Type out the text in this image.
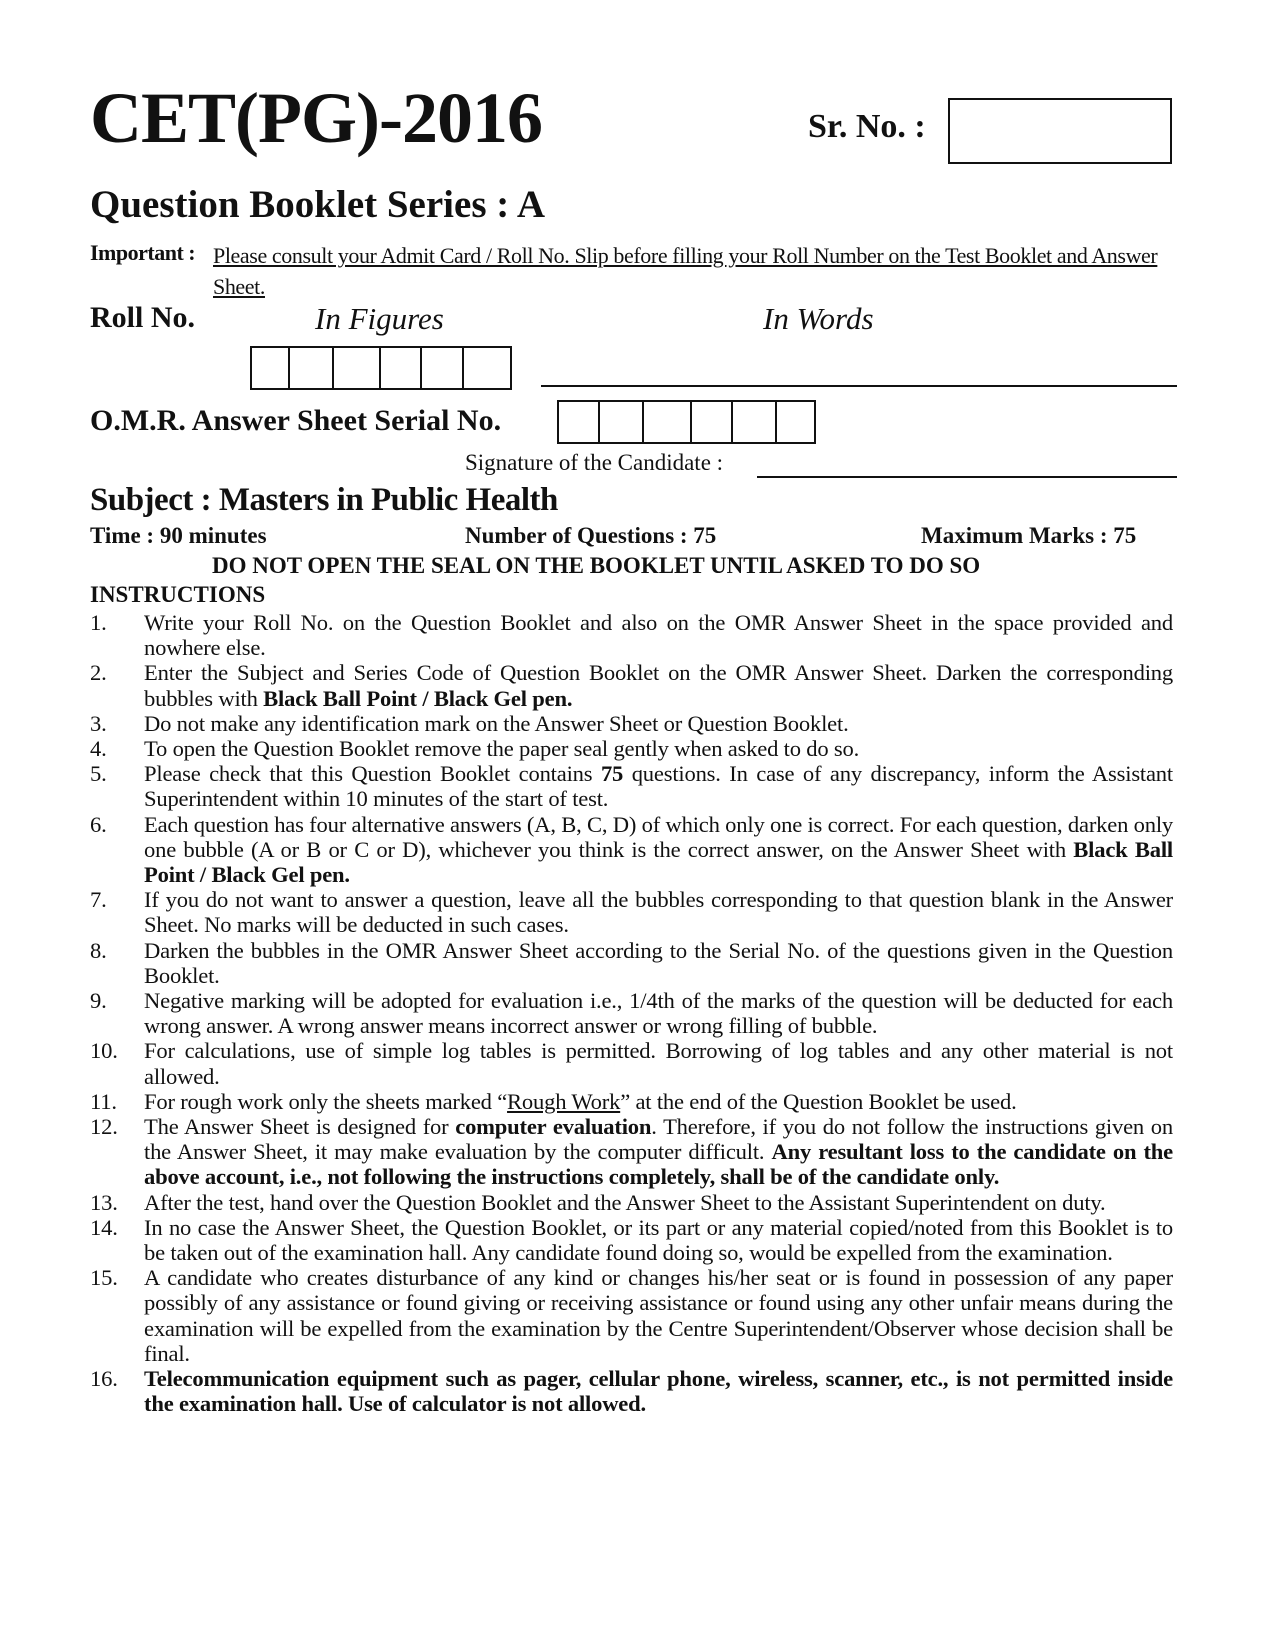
CET(PG)-2016	Sr. No. :
Question Booklet Series : A
Important : Please consult your Admit Card / Roll No. Slip before filling your Roll Number on the Test Booklet and Answer Sheet.
Roll No.	In Figures	In Words
O.M.R. Answer Sheet Serial No.
Signature of the Candidate :
Subject : Masters in Public Health
Time : 90 minutes	Number of Questions : 75	Maximum Marks : 75
DO NOT OPEN THE SEAL ON THE BOOKLET UNTIL ASKED TO DO SO
INSTRUCTIONS
1.	Write your Roll No. on the Question Booklet and also on the OMR Answer Sheet in the space provided and nowhere else.
2.	Enter the Subject and Series Code of Question Booklet on the OMR Answer Sheet. Darken the corresponding bubbles with Black Ball Point / Black Gel pen.
3.	Do not make any identification mark on the Answer Sheet or Question Booklet.
4.	To open the Question Booklet remove the paper seal gently when asked to do so.
5.	Please check that this Question Booklet contains 75 questions. In case of any discrepancy, inform the Assistant Superintendent within 10 minutes of the start of test.
6.	Each question has four alternative answers (A, B, C, D) of which only one is correct. For each question, darken only one bubble (A or B or C or D), whichever you think is the correct answer, on the Answer Sheet with Black Ball Point / Black Gel pen.
7.	If you do not want to answer a question, leave all the bubbles corresponding to that question blank in the Answer Sheet. No marks will be deducted in such cases.
8.	Darken the bubbles in the OMR Answer Sheet according to the Serial No. of the questions given in the Question Booklet.
9.	Negative marking will be adopted for evaluation i.e., 1/4th of the marks of the question will be deducted for each wrong answer. A wrong answer means incorrect answer or wrong filling of bubble.
10.	For calculations, use of simple log tables is permitted. Borrowing of log tables and any other material is not allowed.
11.	For rough work only the sheets marked “Rough Work” at the end of the Question Booklet be used.
12.	The Answer Sheet is designed for computer evaluation. Therefore, if you do not follow the instructions given on the Answer Sheet, it may make evaluation by the computer difficult. Any resultant loss to the candidate on the above account, i.e., not following the instructions completely, shall be of the candidate only.
13.	After the test, hand over the Question Booklet and the Answer Sheet to the Assistant Superintendent on duty.
14.	In no case the Answer Sheet, the Question Booklet, or its part or any material copied/noted from this Booklet is to be taken out of the examination hall. Any candidate found doing so, would be expelled from the examination.
15.	A candidate who creates disturbance of any kind or changes his/her seat or is found in possession of any paper possibly of any assistance or found giving or receiving assistance or found using any other unfair means during the examination will be expelled from the examination by the Centre Superintendent/Observer whose decision shall be final.
16.	Telecommunication equipment such as pager, cellular phone, wireless, scanner, etc., is not permitted inside the examination hall. Use of calculator is not allowed.
